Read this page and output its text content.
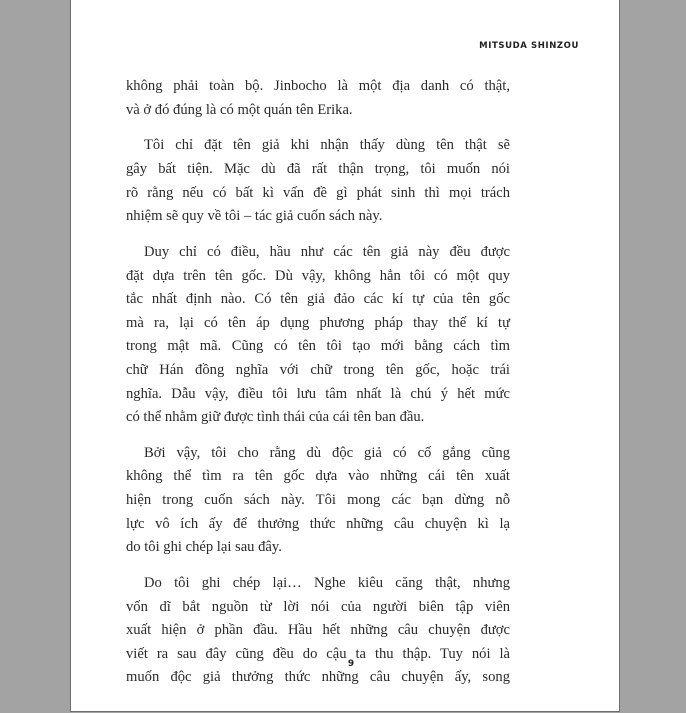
MITSUDA SHINZOU

không phải toàn bộ. Jinbocho là một địa danh có thật,
và ở đó đúng là có một quán tên Erika.

Tôi chỉ đặt tên giả khi nhận thấy dùng tên thật sẽ
gây bất tiện. Mặc dù đã rất thận trọng, tôi muốn nói
rõ rằng nếu có bất kì vấn đề gì phát sinh thì mọi trách
nhiệm sẽ quy về tôi – tác giả cuốn sách này.

Duy chỉ có điều, hầu như các tên giả này đều được
đặt dựa trên tên gốc. Dù vậy, không hẳn tôi có một quy
tắc nhất định nào. Có tên giả đảo các kí tự của tên gốc
mà ra, lại có tên áp dụng phương pháp thay thế kí tự
trong mật mã. Cũng có tên tôi tạo mới bằng cách tìm
chữ Hán đồng nghĩa với chữ trong tên gốc, hoặc trái
nghĩa. Dẫu vậy, điều tôi lưu tâm nhất là chú ý hết mức
có thể nhằm giữ được tình thái của cái tên ban đầu.

Bởi vậy, tôi cho rằng dù độc giả có cố gắng cũng
không thể tìm ra tên gốc dựa vào những cái tên xuất
hiện trong cuốn sách này. Tôi mong các bạn dừng nỗ
lực vô ích ấy để thưởng thức những câu chuyện kì lạ
do tôi ghi chép lại sau đây.

Do tôi ghi chép lại… Nghe kiêu căng thật, nhưng
vốn dĩ bắt nguồn từ lời nói của người biên tập viên
xuất hiện ở phần đầu. Hầu hết những câu chuyện được
viết ra sau đây cũng đều do cậu ta thu thập. Tuy nói là
muốn độc giả thưởng thức những câu chuyện ấy, song

9
